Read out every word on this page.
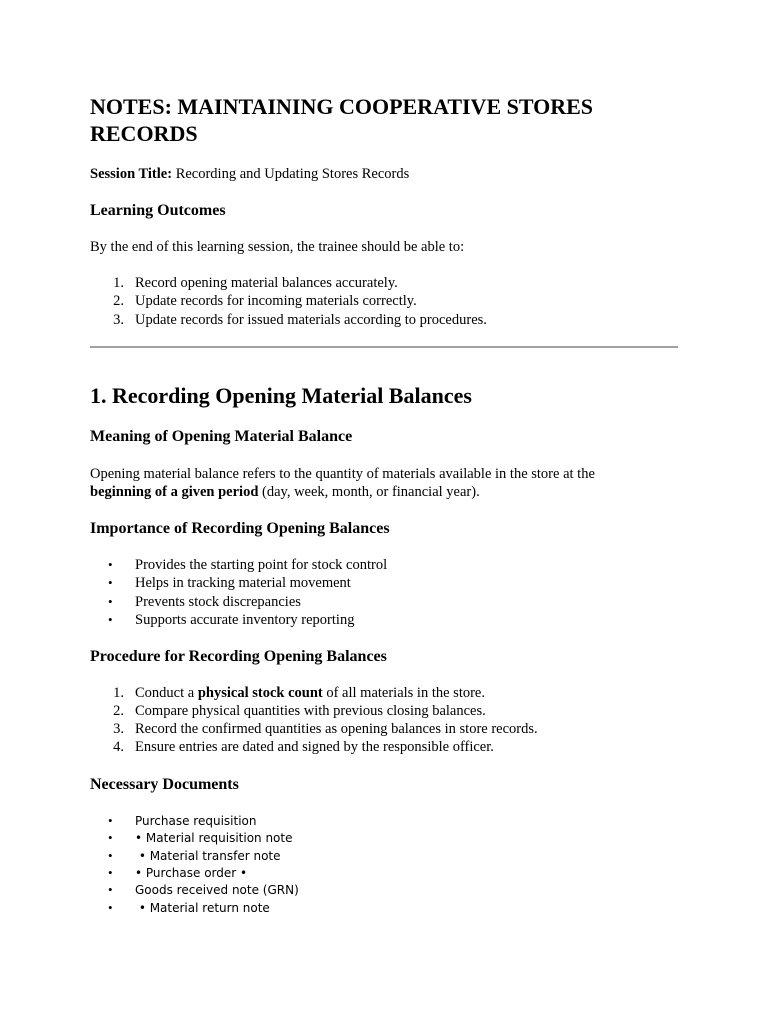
NOTES: MAINTAINING COOPERATIVE STORES RECORDS

Session Title: Recording and Updating Stores Records

Learning Outcomes

By the end of this learning session, the trainee should be able to:

1. Record opening material balances accurately.
2. Update records for incoming materials correctly.
3. Update records for issued materials according to procedures.
1. Recording Opening Material Balances
Meaning of Opening Material Balance

Opening material balance refers to the quantity of materials available in the store at the

beginning of a given period (day, week, month, or financial year).

Importance of Recording Opening Balances
• Provides the starting point for stock control
• Helps in tracking material movement
• Prevents stock discrepancies
• Supports accurate inventory reporting
Procedure for Recording Opening Balances
1. Conduct a physical stock count of all materials in the store.
2. Compare physical quantities with previous closing balances.
3. Record the confirmed quantities as opening balances in store records.
4. Ensure entries are dated and signed by the responsible officer.
Necessary Documents
• Purchase requisition
• • Material requisition note
• • Material transfer note
• • Purchase order •
• Goods received note (GRN)
• • Material return note
